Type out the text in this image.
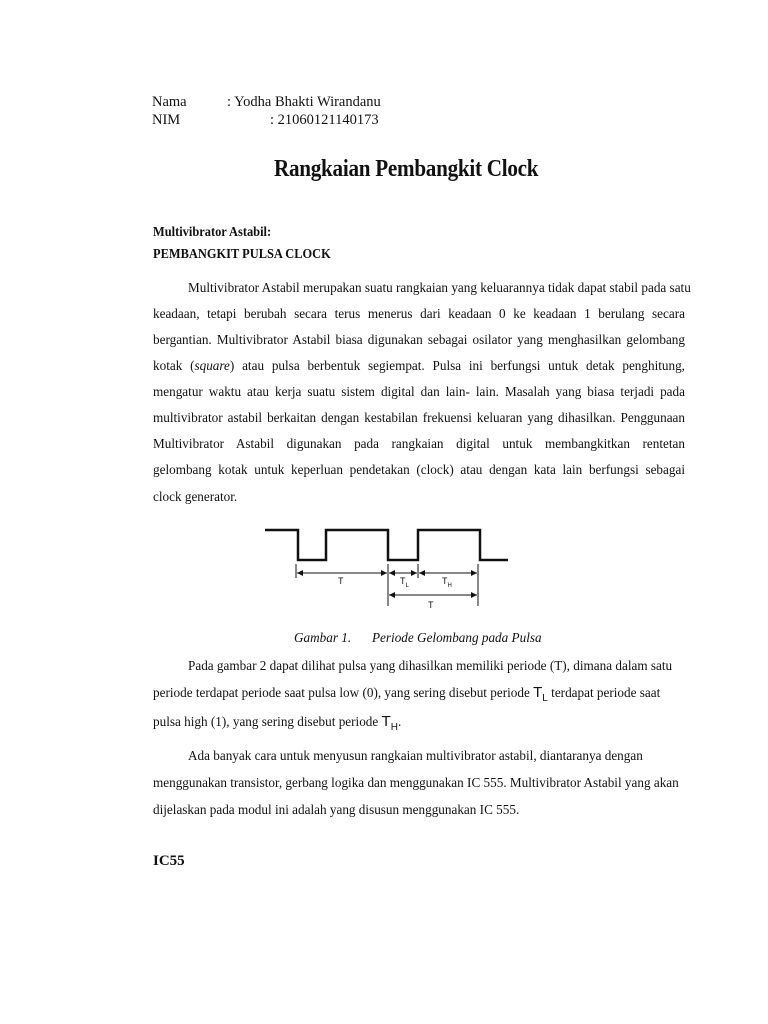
Nama	: Yodha Bhakti Wirandanu
NIM	: 21060121140173
Rangkaian Pembangkit Clock
Multivibrator Astabil:
PEMBANGKIT PULSA CLOCK
Multivibrator Astabil merupakan suatu rangkaian yang keluarannya tidak dapat stabil pada satu
keadaan, tetapi berubah secara terus menerus dari keadaan 0 ke keadaan 1 berulang secara
bergantian. Multivibrator Astabil biasa digunakan sebagai osilator yang menghasilkan gelombang
kotak (square) atau pulsa berbentuk segiempat. Pulsa ini berfungsi untuk detak penghitung,
mengatur waktu atau kerja suatu sistem digital dan lain- lain. Masalah yang biasa terjadi pada
multivibrator astabil berkaitan dengan kestabilan frekuensi keluaran yang dihasilkan. Penggunaan
Multivibrator Astabil digunakan pada rangkaian digital untuk membangkitkan rentetan
gelombang kotak untuk keperluan pendetakan (clock) atau dengan kata lain berfungsi sebagai
clock generator.
T	$T_L$	$T_H$
T
Gambar 1. Periode Gelombang pada Pulsa
Pada gambar 2 dapat dilihat pulsa yang dihasilkan memiliki periode (T), dimana dalam satu
periode terdapat periode saat pulsa low (0), yang sering disebut periode $T_L$ terdapat periode saat
pulsa high (1), yang sering disebut periode $T_H$.
Ada banyak cara untuk menyusun rangkaian multivibrator astabil, diantaranya dengan
menggunakan transistor, gerbang logika dan menggunakan IC 555. Multivibrator Astabil yang akan
dijelaskan pada modul ini adalah yang disusun menggunakan IC 555.
IC55
